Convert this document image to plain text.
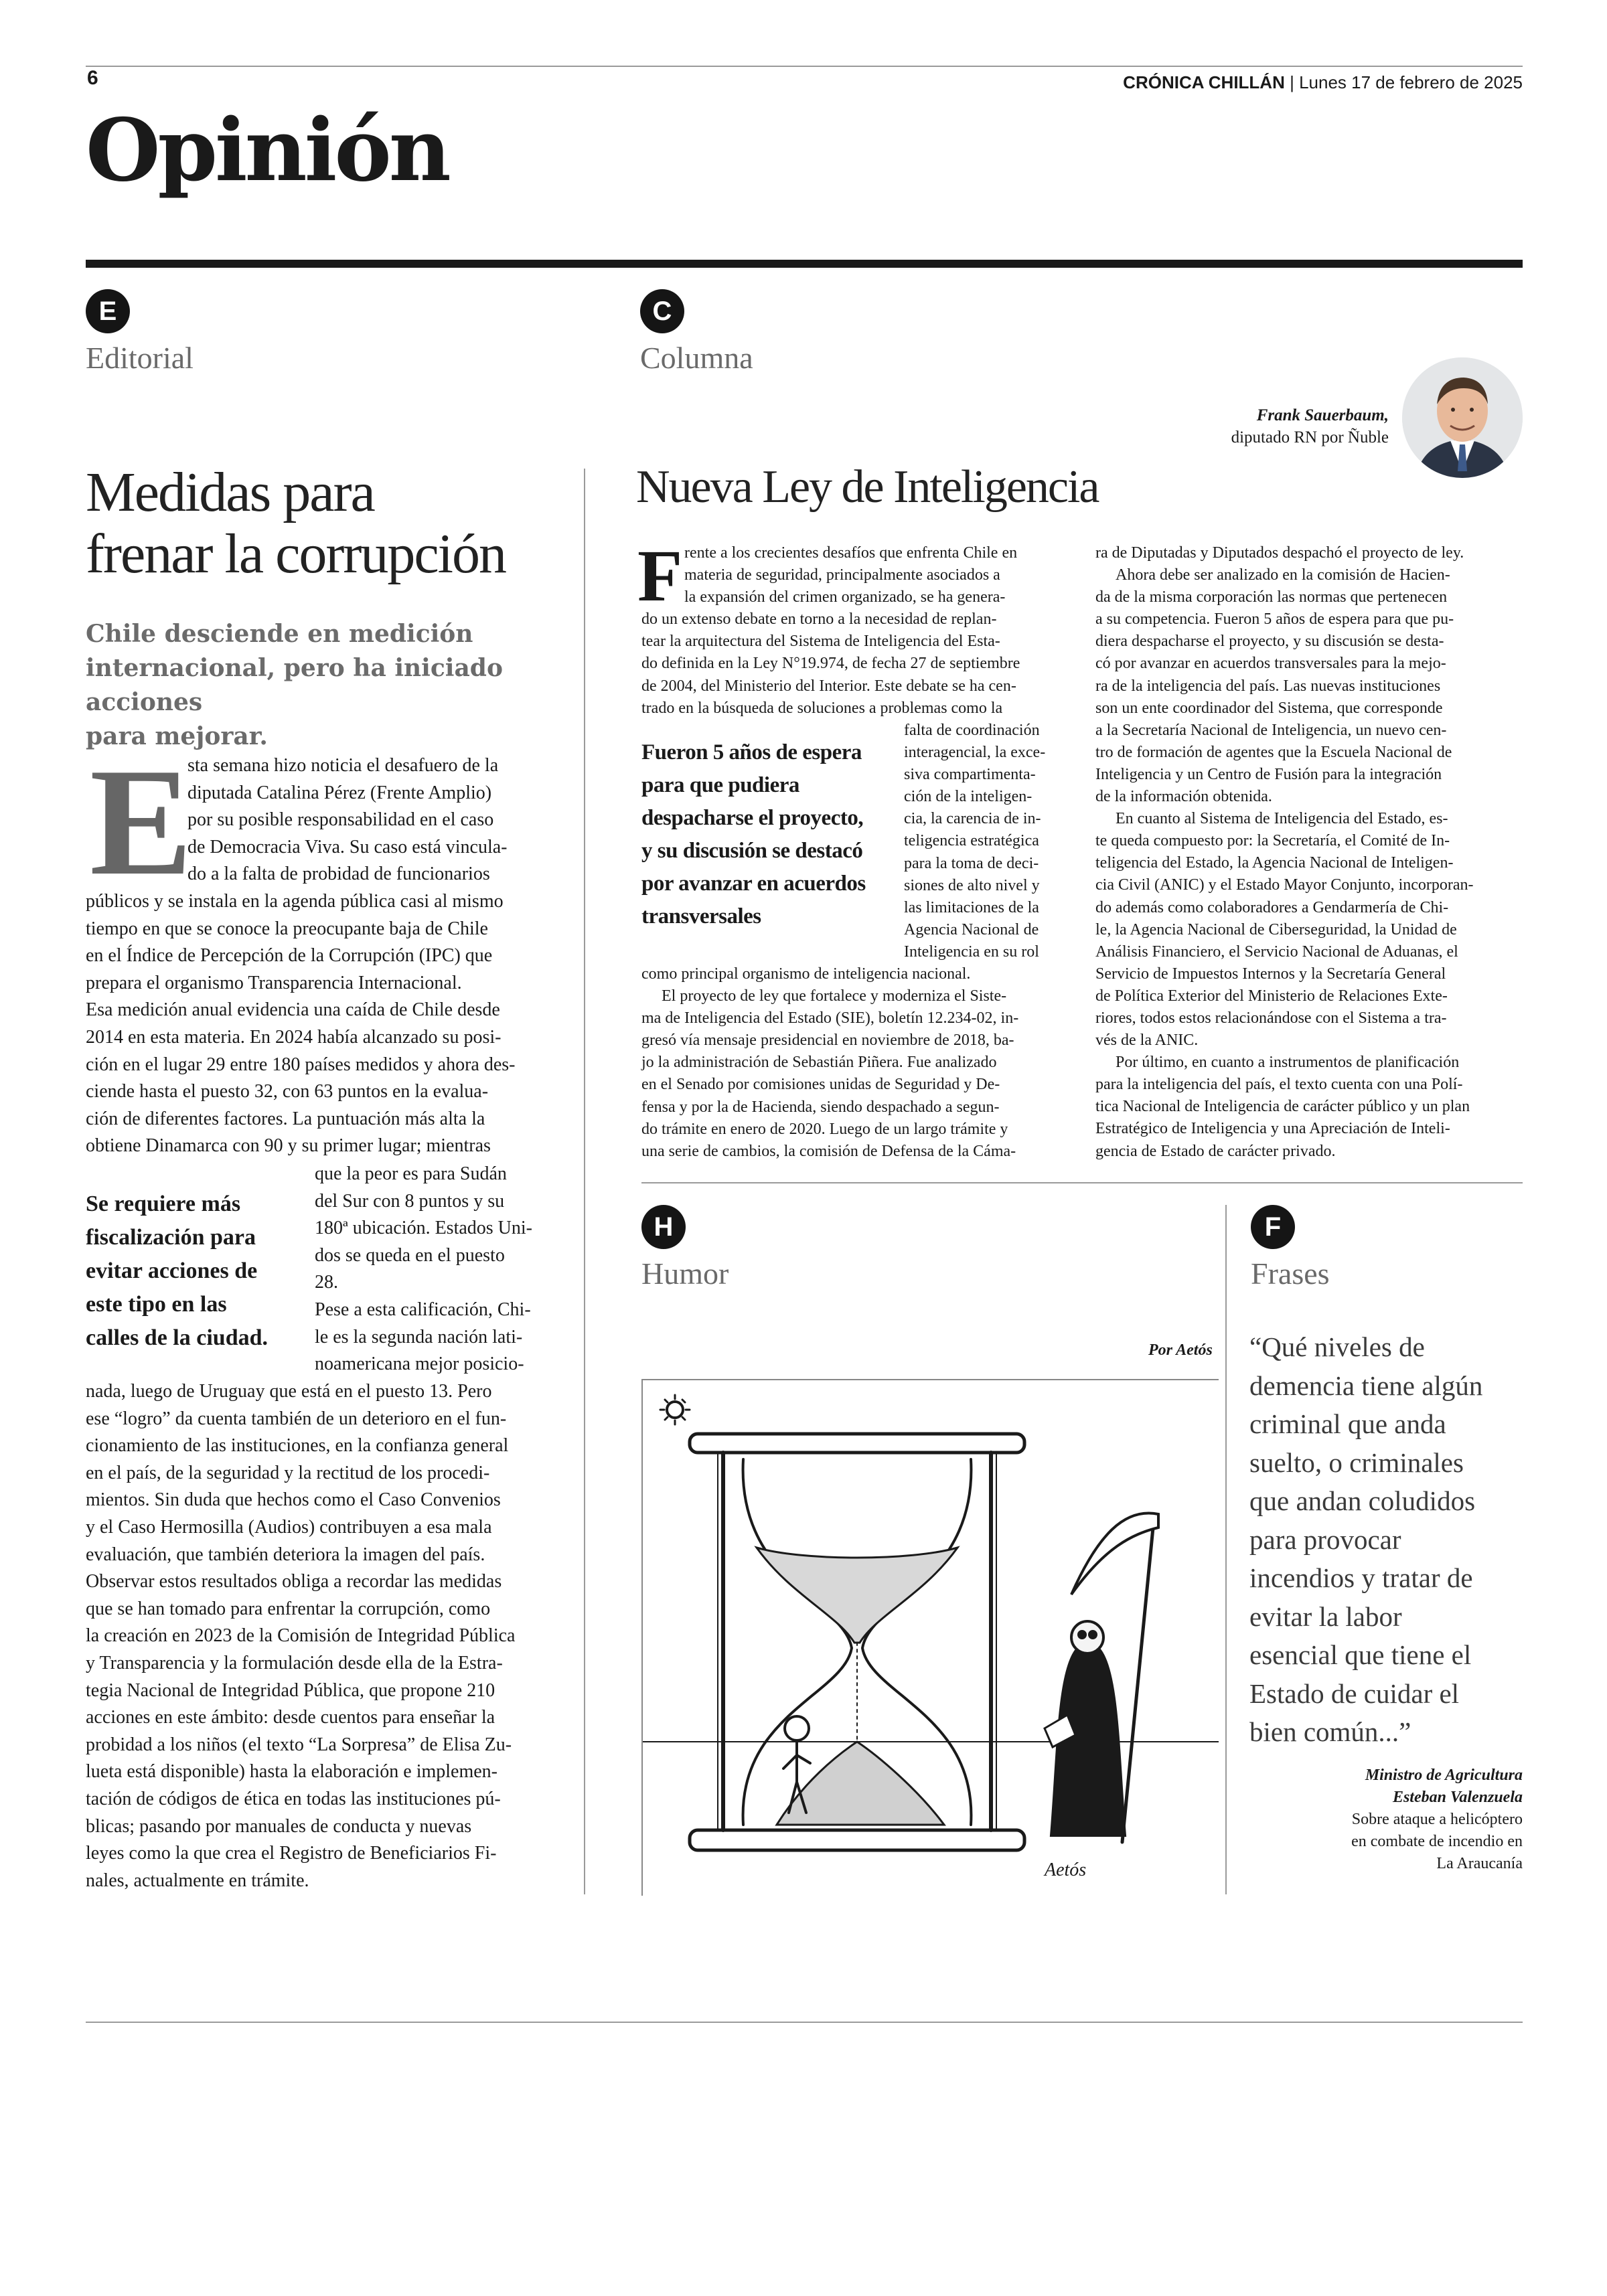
6	CRÓNICA CHILLÁN | Lunes 17 de febrero de 2025
Opinión
E
Editorial
Medidas para
frenar la corrupción
Chile desciende en medición
internacional, pero ha iniciado acciones
para mejorar.
E
sta semana hizo noticia el desafuero de la
diputada Catalina Pérez (Frente Amplio)
por su posible responsabilidad en el caso
de Democracia Viva. Su caso está vincula-
do a la falta de probidad de funcionarios
públicos y se instala en la agenda pública casi al mismo
tiempo en que se conoce la preocupante baja de Chile
en el Índice de Percepción de la Corrupción (IPC) que
prepara el organismo Transparencia Internacional.
Esa medición anual evidencia una caída de Chile desde
2014 en esta materia. En 2024 había alcanzado su posi-
ción en el lugar 29 entre 180 países medidos y ahora des-
ciende hasta el puesto 32, con 63 puntos en la evalua-
ción de diferentes factores. La puntuación más alta la
obtiene Dinamarca con 90 y su primer lugar; mientras
Se requiere más
fiscalización para
evitar acciones de
este tipo en las
calles de la ciudad.
que la peor es para Sudán
del Sur con 8 puntos y su
180ª ubicación. Estados Uni-
dos se queda en el puesto
28.
Pese a esta calificación, Chi-
le es la segunda nación lati-
noamericana mejor posicio-
nada, luego de Uruguay que está en el puesto 13. Pero
ese “logro” da cuenta también de un deterioro en el fun-
cionamiento de las instituciones, en la confianza general
en el país, de la seguridad y la rectitud de los procedi-
mientos. Sin duda que hechos como el Caso Convenios
y el Caso Hermosilla (Audios) contribuyen a esa mala
evaluación, que también deteriora la imagen del país.
Observar estos resultados obliga a recordar las medidas
que se han tomado para enfrentar la corrupción, como
la creación en 2023 de la Comisión de Integridad Pública
y Transparencia y la formulación desde ella de la Estra-
tegia Nacional de Integridad Pública, que propone 210
acciones en este ámbito: desde cuentos para enseñar la
probidad a los niños (el texto “La Sorpresa” de Elisa Zu-
lueta está disponible) hasta la elaboración e implemen-
tación de códigos de ética en todas las instituciones pú-
blicas; pasando por manuales de conducta y nuevas
leyes como la que crea el Registro de Beneficiarios Fi-
nales, actualmente en trámite.
C
Columna
Frank Sauerbaum,
diputado RN por Ñuble
Nueva Ley de Inteligencia
F rente a los crecientes desafíos que enfrenta Chile en
materia de seguridad, principalmente asociados a
la expansión del crimen organizado, se ha genera-
do un extenso debate en torno a la necesidad de replan-
tear la arquitectura del Sistema de Inteligencia del Esta-
do definida en la Ley N°19.974, de fecha 27 de septiembre
de 2004, del Ministerio del Interior. Este debate se ha cen-
trado en la búsqueda de soluciones a problemas como la
Fueron 5 años de espera
para que pudiera
despacharse el proyecto,
y su discusión se destacó
por avanzar en acuerdos
transversales
falta de coordinación
interagencial, la exce-
siva compartimenta-
ción de la inteligen-
cia, la carencia de in-
teligencia estratégica
para la toma de deci-
siones de alto nivel y
las limitaciones de la
Agencia Nacional de
Inteligencia en su rol
como principal organismo de inteligencia nacional.
El proyecto de ley que fortalece y moderniza el Siste-
ma de Inteligencia del Estado (SIE), boletín 12.234-02, in-
gresó vía mensaje presidencial en noviembre de 2018, ba-
jo la administración de Sebastián Piñera. Fue analizado
en el Senado por comisiones unidas de Seguridad y De-
fensa y por la de Hacienda, siendo despachado a segun-
do trámite en enero de 2020. Luego de un largo trámite y
una serie de cambios, la comisión de Defensa de la Cáma-
ra de Diputadas y Diputados despachó el proyecto de ley.
Ahora debe ser analizado en la comisión de Hacien-
da de la misma corporación las normas que pertenecen
a su competencia. Fueron 5 años de espera para que pu-
diera despacharse el proyecto, y su discusión se desta-
có por avanzar en acuerdos transversales para la mejo-
ra de la inteligencia del país. Las nuevas instituciones
son un ente coordinador del Sistema, que corresponde
a la Secretaría Nacional de Inteligencia, un nuevo cen-
tro de formación de agentes que la Escuela Nacional de
Inteligencia y un Centro de Fusión para la integración
de la información obtenida.
En cuanto al Sistema de Inteligencia del Estado, es-
te queda compuesto por: la Secretaría, el Comité de In-
teligencia del Estado, la Agencia Nacional de Inteligen-
cia Civil (ANIC) y el Estado Mayor Conjunto, incorporan-
do además como colaboradores a Gendarmería de Chi-
le, la Agencia Nacional de Ciberseguridad, la Unidad de
Análisis Financiero, el Servicio Nacional de Aduanas, el
Servicio de Impuestos Internos y la Secretaría General
de Política Exterior del Ministerio de Relaciones Exte-
riores, todos estos relacionándose con el Sistema a tra-
vés de la ANIC.
Por último, en cuanto a instrumentos de planificación
para la inteligencia del país, el texto cuenta con una Polí-
tica Nacional de Inteligencia de carácter público y un plan
Estratégico de Inteligencia y una Apreciación de Inteli-
gencia de Estado de carácter privado.
H
Humor
Por Aetós
Aetós
F
Frases
“Qué niveles de
demencia tiene algún
criminal que anda
suelto, o criminales
que andan coludidos
para provocar
incendios y tratar de
evitar la labor
esencial que tiene el
Estado de cuidar el
bien común...”
Ministro de Agricultura
Esteban Valenzuela
Sobre ataque a helicóptero
en combate de incendio en
La Araucanía
